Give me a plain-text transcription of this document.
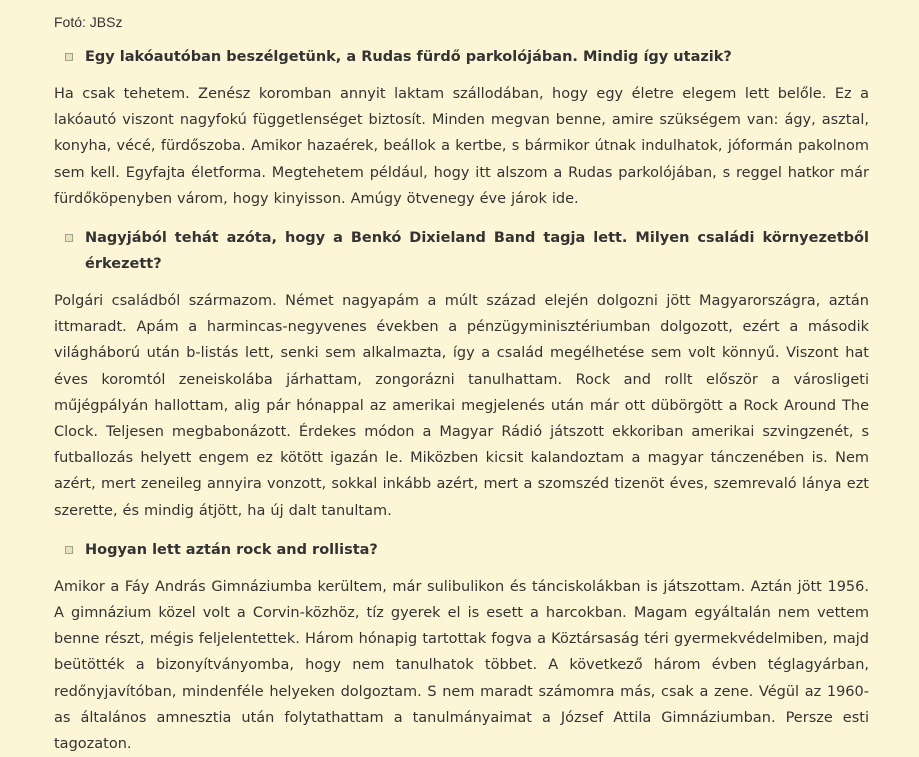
Fotó: JBSz
Egy lakóautóban beszélgetünk, a Rudas fürdő parkolójában. Mindig így utazik?

Ha csak tehetem. Zenész koromban annyit laktam szállodában, hogy egy életre elegem lett belőle. Ez a lakóautó viszont nagyfokú függetlenséget biztosít. Minden megvan benne, amire szükségem van: ágy, asztal, konyha, vécé, fürdőszoba. Amikor hazaérek, beállok a kertbe, s bármikor útnak indulhatok, jóformán pakolnom sem kell. Egyfajta életforma. Megtehetem például, hogy itt alszom a Rudas parkolójában, s reggel hatkor már fürdőköpenyben várom, hogy kinyisson. Amúgy ötvenegy éve járok ide.

Nagyjából tehát azóta, hogy a Benkó Dixieland Band tagja lett. Milyen családi környezetből érkezett?

Polgári családból származom. Német nagyapám a múlt század elején dolgozni jött Magyarországra, aztán ittmaradt. Apám a harmincas-negyvenes években a pénzügyminisztériumban dolgozott, ezért a második világháború után b-listás lett, senki sem alkalmazta, így a család megélhetése sem volt könnyű. Viszont hat éves koromtól zeneiskolába járhattam, zongorázni tanulhattam. Rock and rollt először a városligeti műjégpályán hallottam, alig pár hónappal az amerikai megjelenés után már ott dübörgött a Rock Around The Clock. Teljesen megbabonázott. Érdekes módon a Magyar Rádió játszott ekkoriban amerikai szvingzenét, s futballozás helyett engem ez kötött igazán le. Miközben kicsit kalandoztam a magyar tánczenében is. Nem azért, mert zeneileg annyira vonzott, sokkal inkább azért, mert a szomszéd tizenöt éves, szemrevaló lánya ezt szerette, és mindig átjött, ha új dalt tanultam.

Hogyan lett aztán rock and rollista?

Amikor a Fáy András Gimnáziumba kerültem, már sulibulikon és tánciskolákban is játszottam. Aztán jött 1956. A gimnázium közel volt a Corvin-közhöz, tíz gyerek el is esett a harcokban. Magam egyáltalán nem vettem benne részt, mégis feljelentettek. Három hónapig tartottak fogva a Köztársaság téri gyermekvédelmiben, majd beütötték a bizonyítványomba, hogy nem tanulhatok többet. A következő három évben téglagyárban, redőnyjavítóban, mindenféle helyeken dolgoztam. S nem maradt számomra más, csak a zene. Végül az 1960-as általános amnesztia után folytathattam a tanulmányaimat a József Attila Gimnáziumban. Persze esti tagozaton.
